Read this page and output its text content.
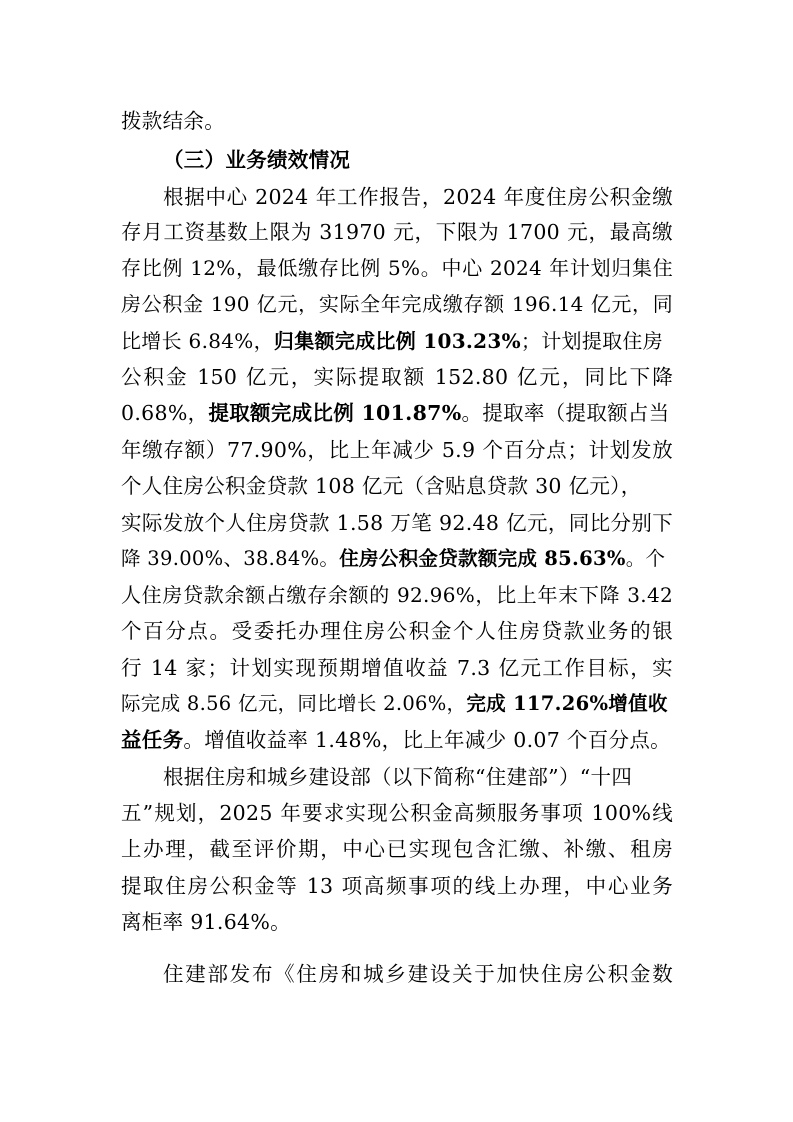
拨款结余。
（三）业务绩效情况
根据中心 2024 年工作报告，2024 年度住房公积金缴
存月工资基数上限为 31970 元，下限为 1700 元，最高缴
存比例 12%，最低缴存比例 5%。中心 2024 年计划归集住
房公积金 190 亿元，实际全年完成缴存额 196.14 亿元，同
比增长 6.84%，归集额完成比例 103.23%；计划提取住房
公积金 150 亿元，实际提取额 152.80 亿元，同比下降
0.68%，提取额完成比例 101.87%。提取率（提取额占当
年缴存额）77.90%，比上年减少 5.9 个百分点；计划发放
个人住房公积金贷款 108 亿元（含贴息贷款 30 亿元），
实际发放个人住房贷款 1.58 万笔 92.48 亿元，同比分别下
降 39.00%、38.84%。住房公积金贷款额完成 85.63%。个
人住房贷款余额占缴存余额的 92.96%，比上年末下降 3.42
个百分点。受委托办理住房公积金个人住房贷款业务的银
行 14 家；计划实现预期增值收益 7.3 亿元工作目标，实
际完成 8.56 亿元，同比增长 2.06%，完成 117.26%增值收
益任务。增值收益率 1.48%，比上年减少 0.07 个百分点。
根据住房和城乡建设部（以下简称“住建部”）“十四
五”规划，2025 年要求实现公积金高频服务事项 100%线
上办理，截至评价期，中心已实现包含汇缴、补缴、租房
提取住房公积金等 13 项高频事项的线上办理，中心业务
离柜率 91.64%。
住建部发布《住房和城乡建设关于加快住房公积金数
